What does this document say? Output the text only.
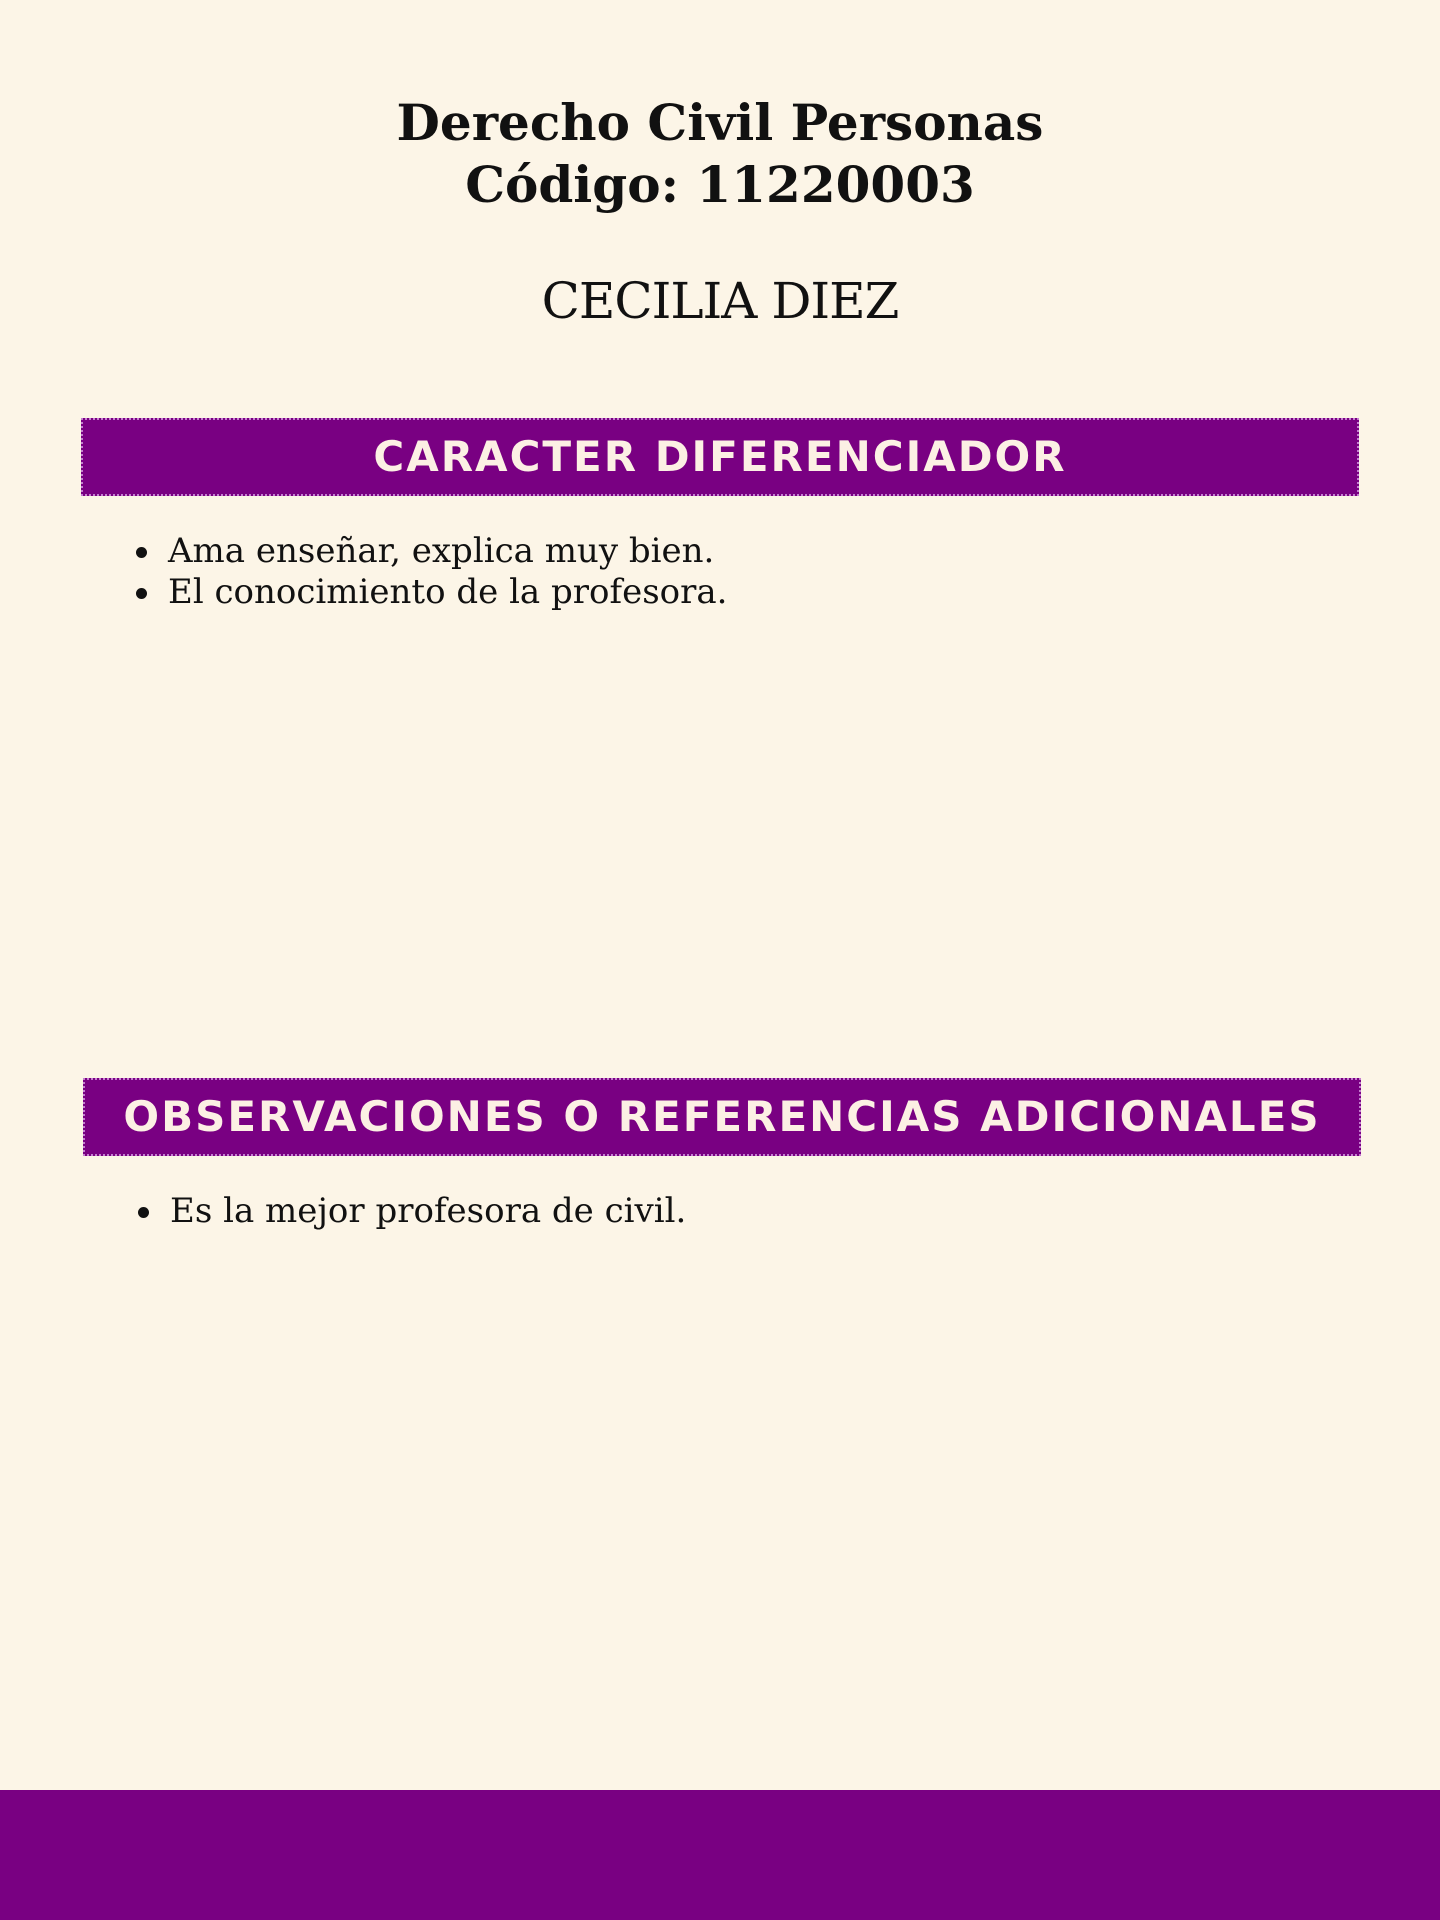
Derecho Civil Personas
Código: 11220003
CECILIA DIEZ
CARACTER DIFERENCIADOR
Ama enseñar, explica muy bien.
El conocimiento de la profesora.
OBSERVACIONES O REFERENCIAS ADICIONALES
Es la mejor profesora de civil.
